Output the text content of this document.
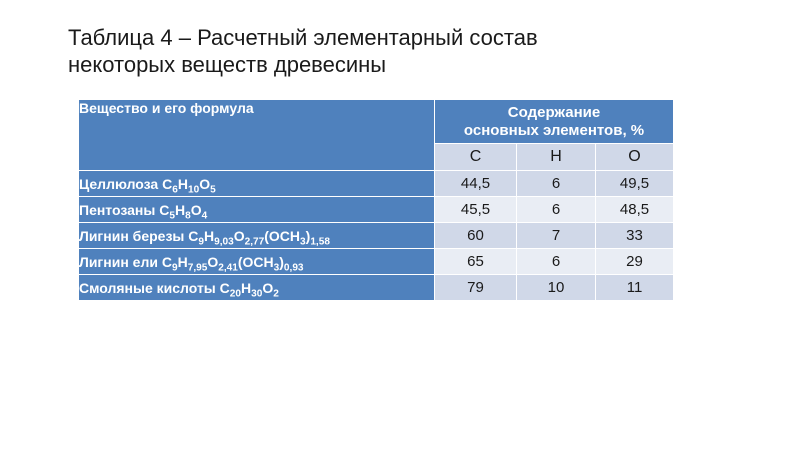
Таблица 4 – Расчетный элементарный состав
некоторых веществ древесины
Вещество и его формула	Содержание
основных элементов, %		

	C	H	O
Целлюлоза $C_6H_{10}O_5$	44,5	6	49,5
Пентозаны $C_5H_8O_4$	45,5	6	48,5
Лигнин березы $C_9H_{9,03}O_{2,77}(OCH_3)_{1,58}$	60	7	33
Лигнин ели $C_9H_{7,95}O_{2,41}(OCH_3)_{0,93}$	65	6	29
Смоляные кислоты $C_{20}H_{30}O_2$	79	10	11
